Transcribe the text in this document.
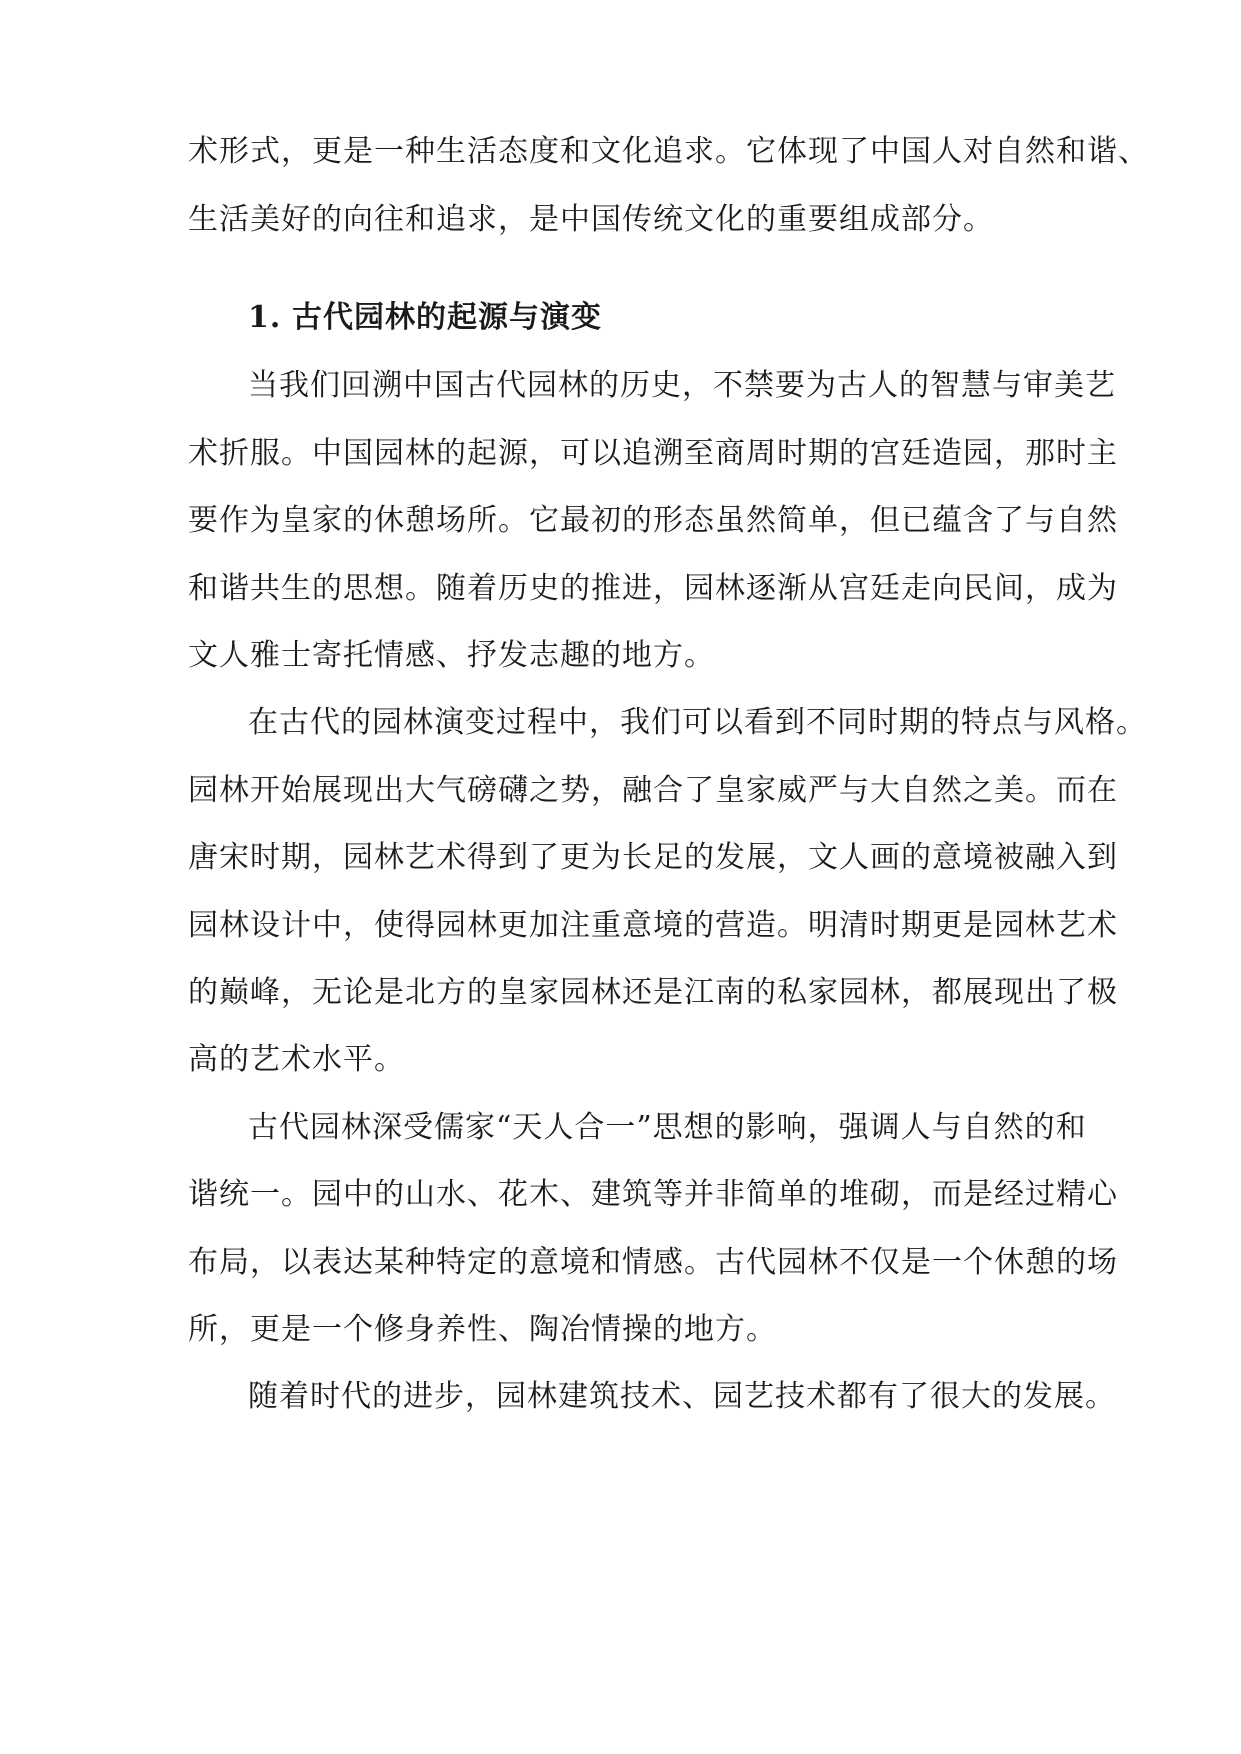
术形式，更是一种生活态度和文化追求。它体现了中国人对自然和谐、
生活美好的向往和追求，是中国传统文化的重要组成部分。
1. 古代园林的起源与演变
当我们回溯中国古代园林的历史，不禁要为古人的智慧与审美艺
术折服。中国园林的起源，可以追溯至商周时期的宫廷造园，那时主
要作为皇家的休憩场所。它最初的形态虽然简单，但已蕴含了与自然
和谐共生的思想。随着历史的推进，园林逐渐从宫廷走向民间，成为
文人雅士寄托情感、抒发志趣的地方。
在古代的园林演变过程中，我们可以看到不同时期的特点与风格。
园林开始展现出大气磅礴之势，融合了皇家威严与大自然之美。而在
唐宋时期，园林艺术得到了更为长足的发展，文人画的意境被融入到
园林设计中，使得园林更加注重意境的营造。明清时期更是园林艺术
的巅峰，无论是北方的皇家园林还是江南的私家园林，都展现出了极
高的艺术水平。
古代园林深受儒家“天人合一”思想的影响，强调人与自然的和
谐统一。园中的山水、花木、建筑等并非简单的堆砌，而是经过精心
布局，以表达某种特定的意境和情感。古代园林不仅是一个休憩的场
所，更是一个修身养性、陶冶情操的地方。
随着时代的进步，园林建筑技术、园艺技术都有了很大的发展。
